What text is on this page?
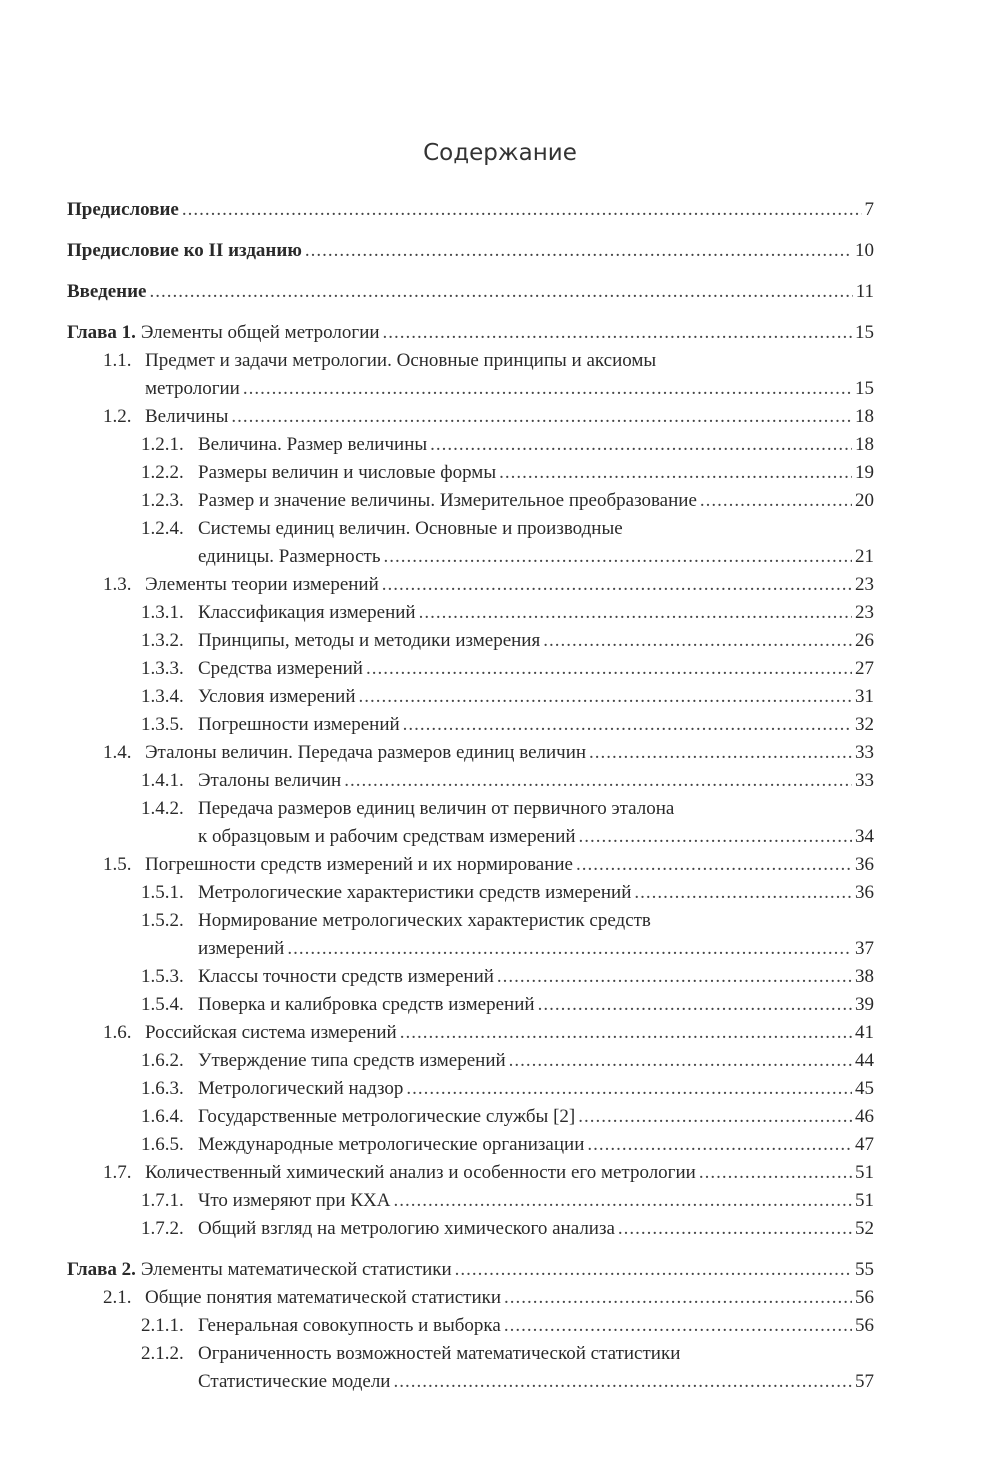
Содержание
Предисловие .....	7
Предисловие ко II изданию .....	10
Введение .....	11
Глава 1. Элементы общей метрологии .....	15
1.1. Предмет и задачи метрологии. Основные принципы и аксиомы
метрологии .....	15
1.2. Величины .....	18
1.2.1. Величина. Размер величины .....	18
1.2.2. Размеры величин и числовые формы .....	19
1.2.3. Размер и значение величины. Измерительное преобразование .....	20
1.2.4. Системы единиц величин. Основные и производные
единицы. Размерность .....	21
1.3. Элементы теории измерений .....	23
1.3.1. Классификация измерений .....	23
1.3.2. Принципы, методы и методики измерения .....	26
1.3.3. Средства измерений .....	27
1.3.4. Условия измерений .....	31
1.3.5. Погрешности измерений .....	32
1.4. Эталоны величин. Передача размеров единиц величин .....	33
1.4.1. Эталоны величин .....	33
1.4.2. Передача размеров единиц величин от первичного эталона
к образцовым и рабочим средствам измерений .....	34
1.5. Погрешности средств измерений и их нормирование .....	36
1.5.1. Метрологические характеристики средств измерений .....	36
1.5.2. Нормирование метрологических характеристик средств
измерений .....	37
1.5.3. Классы точности средств измерений .....	38
1.5.4. Поверка и калибровка средств измерений .....	39
1.6. Российская система измерений .....	41
1.6.2. Утверждение типа средств измерений .....	44
1.6.3. Метрологический надзор .....	45
1.6.4. Государственные метрологические службы [2] .....	46
1.6.5. Международные метрологические организации .....	47
1.7. Количественный химический анализ и особенности его метрологии .....	51
1.7.1. Что измеряют при КХА .....	51
1.7.2. Общий взгляд на метрологию химического анализа .....	52
Глава 2. Элементы математической статистики .....	55
2.1. Общие понятия математической статистики .....	56
2.1.1. Генеральная совокупность и выборка .....	56
2.1.2. Ограниченность возможностей математической статистики
Статистические модели .....	57
